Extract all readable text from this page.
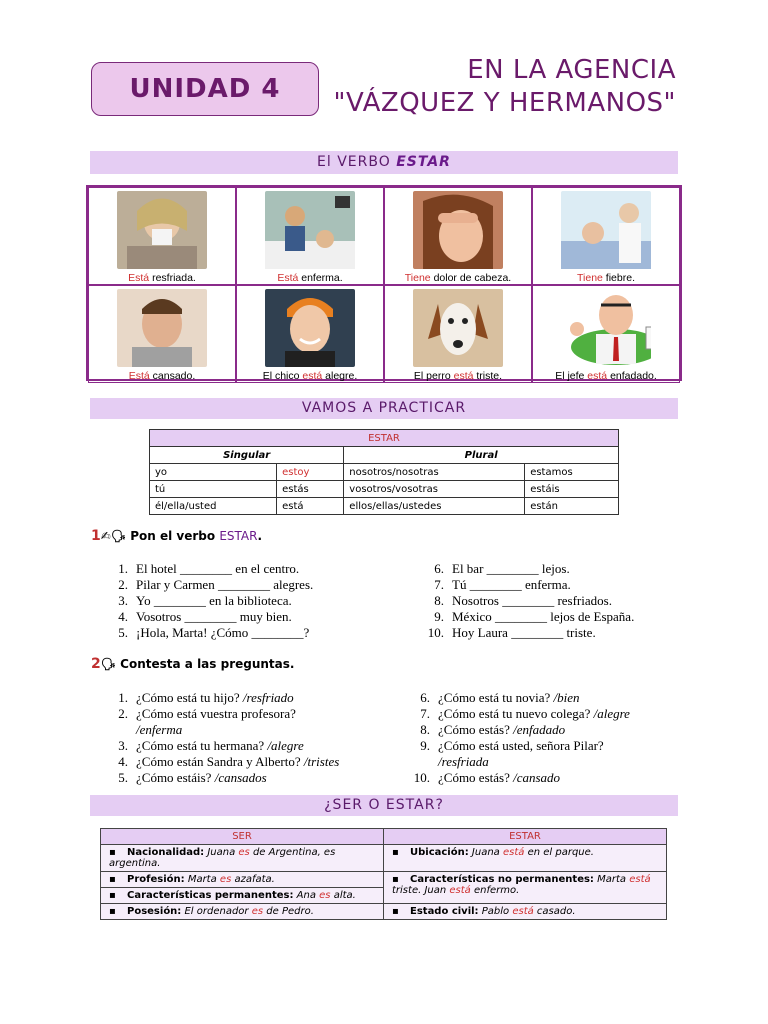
UNIDAD 4
EN LA AGENCIA
"VÁZQUEZ Y HERMANOS"
El VERBO ESTAR
Está resfriada.	Está enferma.	Tiene dolor de cabeza.	Tiene fiebre.
Está cansado.	El chico está alegre.	El perro está triste.	El jefe está enfadado.
VAMOS A PRACTICAR
ESTAR			
Singular		Plural	
yo	estoy	nosotros/nosotras	estamos
tú	estás	vosotros/vosotras	estáis
él/ella/usted	está	ellos/ellas/ustedes	están
1✍🗣 Pon el verbo ESTAR.
1. El hotel ________ en el centro.
2. Pilar y Carmen ________ alegres.
3. Yo ________ en la biblioteca.
4. Vosotros ________ muy bien.
5. ¡Hola, Marta! ¿Cómo ________?
6. El bar ________ lejos.
7. Tú ________ enferma.
8. Nosotros ________ resfriados.
9. México ________ lejos de España.
10. Hoy Laura ________ triste.
2🗣 Contesta a las preguntas.
1. ¿Cómo está tu hijo? /resfriado
2. ¿Cómo está vuestra profesora?
/enferma
3. ¿Cómo está tu hermana? /alegre
4. ¿Cómo están Sandra y Alberto? /tristes
5. ¿Cómo estáis? /cansados
6. ¿Cómo está tu novia? /bien
7. ¿Cómo está tu nuevo colega? /alegre
8. ¿Cómo estás? /enfadado
9. ¿Cómo está usted, señora Pilar?
/resfriada
10. ¿Cómo estás? /cansado
¿SER O ESTAR?
SER	ESTAR
▪ Nacionalidad: Juana es de Argentina, es argentina.	▪ Ubicación: Juana está en el parque.
▪ Profesión: Marta es azafata.	▪ Características no permanentes: Marta está triste. Juan está enfermo.
▪ Características permanentes: Ana es alta.	
▪ Posesión: El ordenador es de Pedro.	▪ Estado civil: Pablo está casado.
